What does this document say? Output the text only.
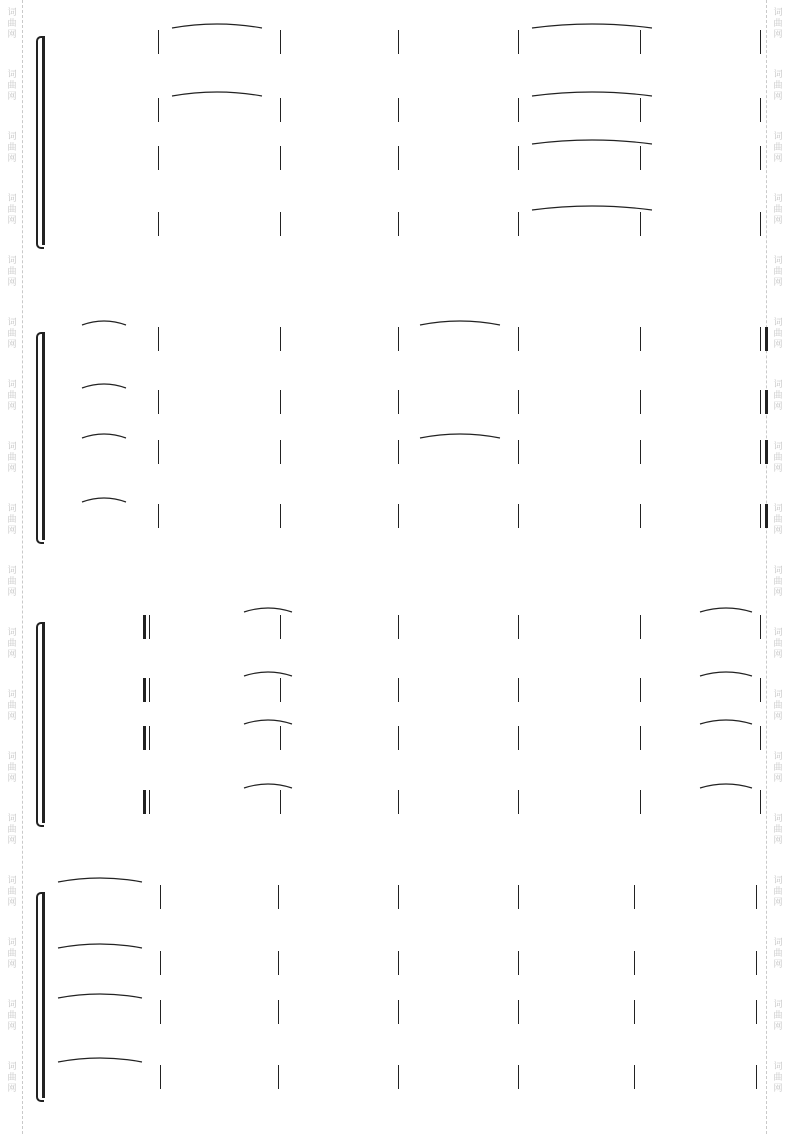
词曲网
词曲网
词曲网
词曲网
词曲网
词曲网
词曲网
词曲网
词曲网
词曲网
词曲网
词曲网
词曲网
词曲网
词曲网
词曲网
词曲网
词曲网
词曲网
词曲网
词曲网
词曲网
词曲网
词曲网
词曲网
词曲网
词曲网
词曲网
词曲网
词曲网
词曲网
词曲网
词曲网
词曲网
词曲网
词曲网
